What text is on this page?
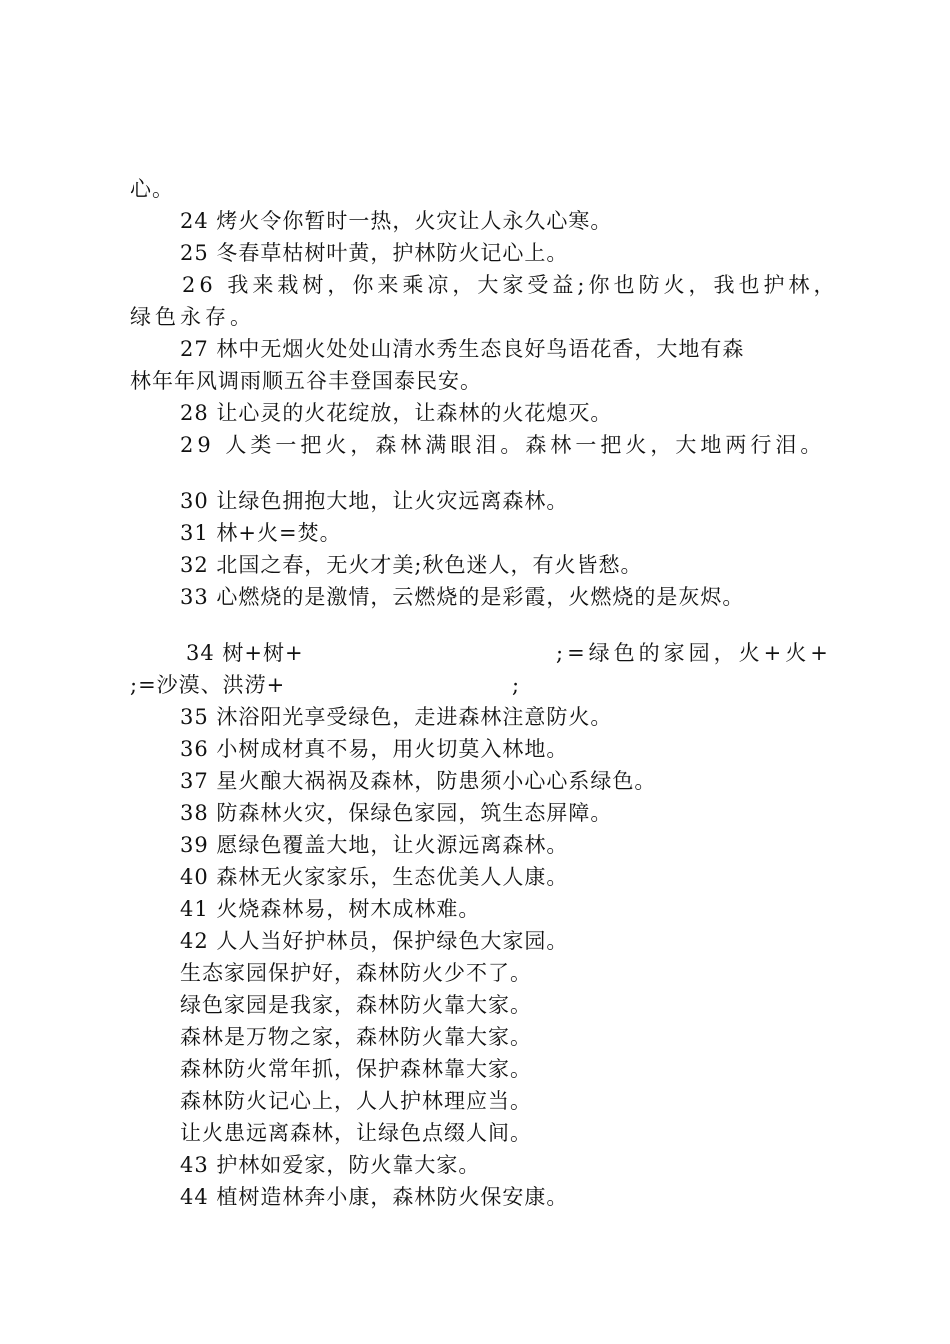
心。
24 烤火令你暂时一热，火灾让人永久心寒。
25 冬春草枯树叶黄，护林防火记心上。
26 我来栽树，你来乘凉，大家受益;你也防火，我也护林，
绿色永存。
27 林中无烟火处处山清水秀生态良好鸟语花香，大地有森
林年年风调雨顺五谷丰登国泰民安。
28 让心灵的火花绽放，让森林的火花熄灭。
29 人类一把火，森林满眼泪。森林一把火，大地两行泪。
30 让绿色拥抱大地，让火灾远离森林。
31 林+火=焚。
32 北国之春，无火才美;秋色迷人，有火皆愁。
33 心燃烧的是激情，云燃烧的是彩霞，火燃烧的是灰烬。
34 树+树+	;=绿色的家园，火+火+
;=沙漠、洪涝+	;
35 沐浴阳光享受绿色，走进森林注意防火。
36 小树成材真不易，用火切莫入林地。
37 星火酿大祸祸及森林，防患须小心心系绿色。
38 防森林火灾，保绿色家园，筑生态屏障。
39 愿绿色覆盖大地，让火源远离森林。
40 森林无火家家乐，生态优美人人康。
41 火烧森林易，树木成林难。
42 人人当好护林员，保护绿色大家园。
生态家园保护好，森林防火少不了。
绿色家园是我家，森林防火靠大家。
森林是万物之家，森林防火靠大家。
森林防火常年抓，保护森林靠大家。
森林防火记心上，人人护林理应当。
让火患远离森林，让绿色点缀人间。
43 护林如爱家，防火靠大家。
44 植树造林奔小康，森林防火保安康。
